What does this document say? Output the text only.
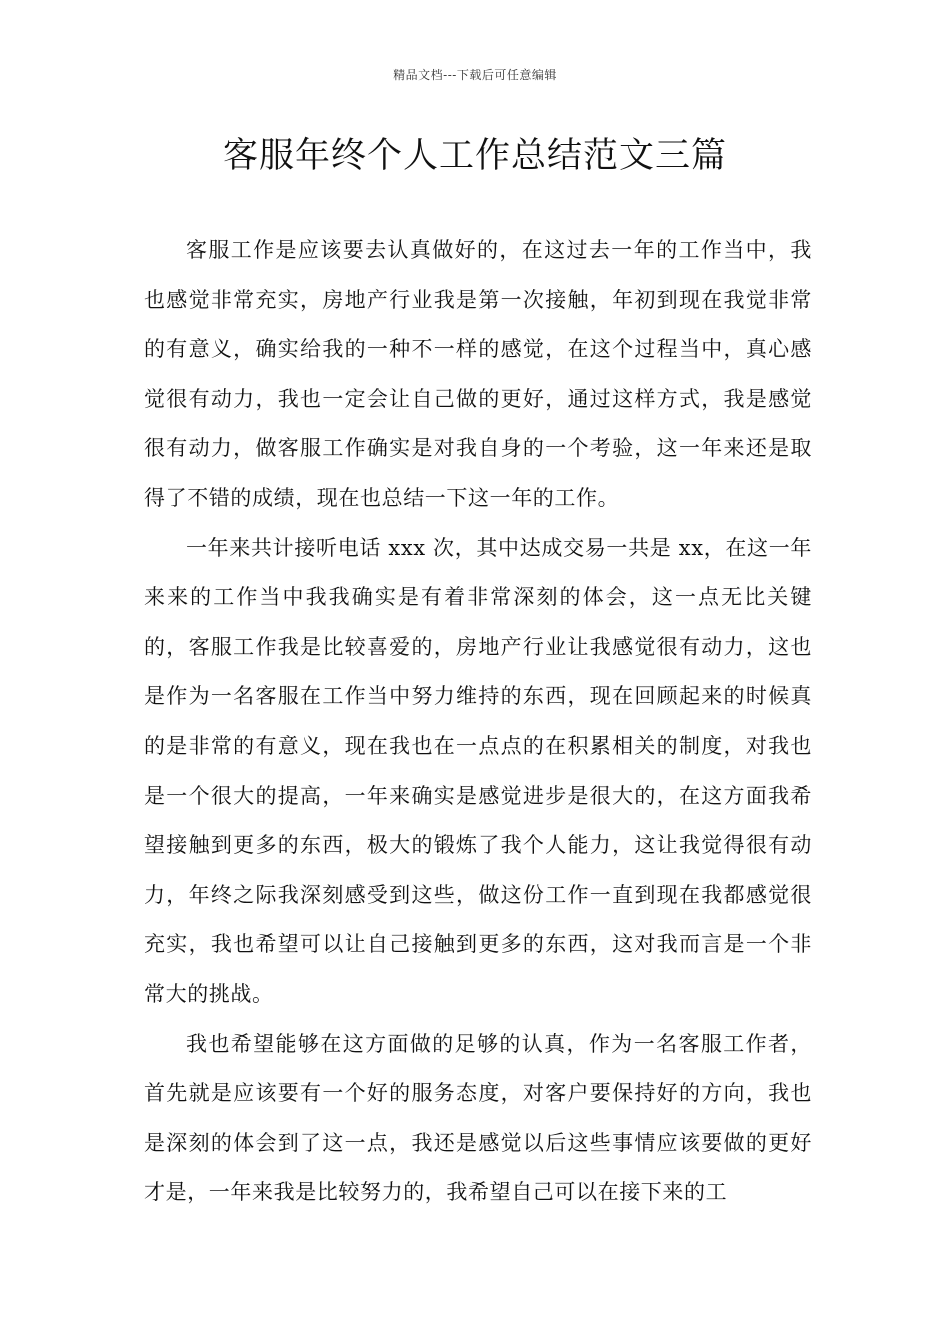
精品文档---下载后可任意编辑
客服年终个人工作总结范文三篇

客服工作是应该要去认真做好的，在这过去一年的工作当中，我也感觉非常充实，房地产行业我是第一次接触，年初到现在我觉非常的有意义，确实给我的一种不一样的感觉，在这个过程当中，真心感觉很有动力，我也一定会让自己做的更好，通过这样方式，我是感觉很有动力，做客服工作确实是对我自身的一个考验，这一年来还是取得了不错的成绩，现在也总结一下这一年的工作。

一年来共计接听电话 xxx 次，其中达成交易一共是 xx，在这一年来来的工作当中我我确实是有着非常深刻的体会，这一点无比关键的，客服工作我是比较喜爱的，房地产行业让我感觉很有动力，这也是作为一名客服在工作当中努力维持的东西，现在回顾起来的时候真的是非常的有意义，现在我也在一点点的在积累相关的制度，对我也是一个很大的提高，一年来确实是感觉进步是很大的，在这方面我希望接触到更多的东西，极大的锻炼了我个人能力，这让我觉得很有动力，年终之际我深刻感受到这些，做这份工作一直到现在我都感觉很充实，我也希望可以让自己接触到更多的东西，这对我而言是一个非常大的挑战。

我也希望能够在这方面做的足够的认真，作为一名客服工作者，首先就是应该要有一个好的服务态度，对客户要保持好的方向，我也是深刻的体会到了这一点，我还是感觉以后这些事情应该要做的更好才是，一年来我是比较努力的，我希望自己可以在接下来的工
